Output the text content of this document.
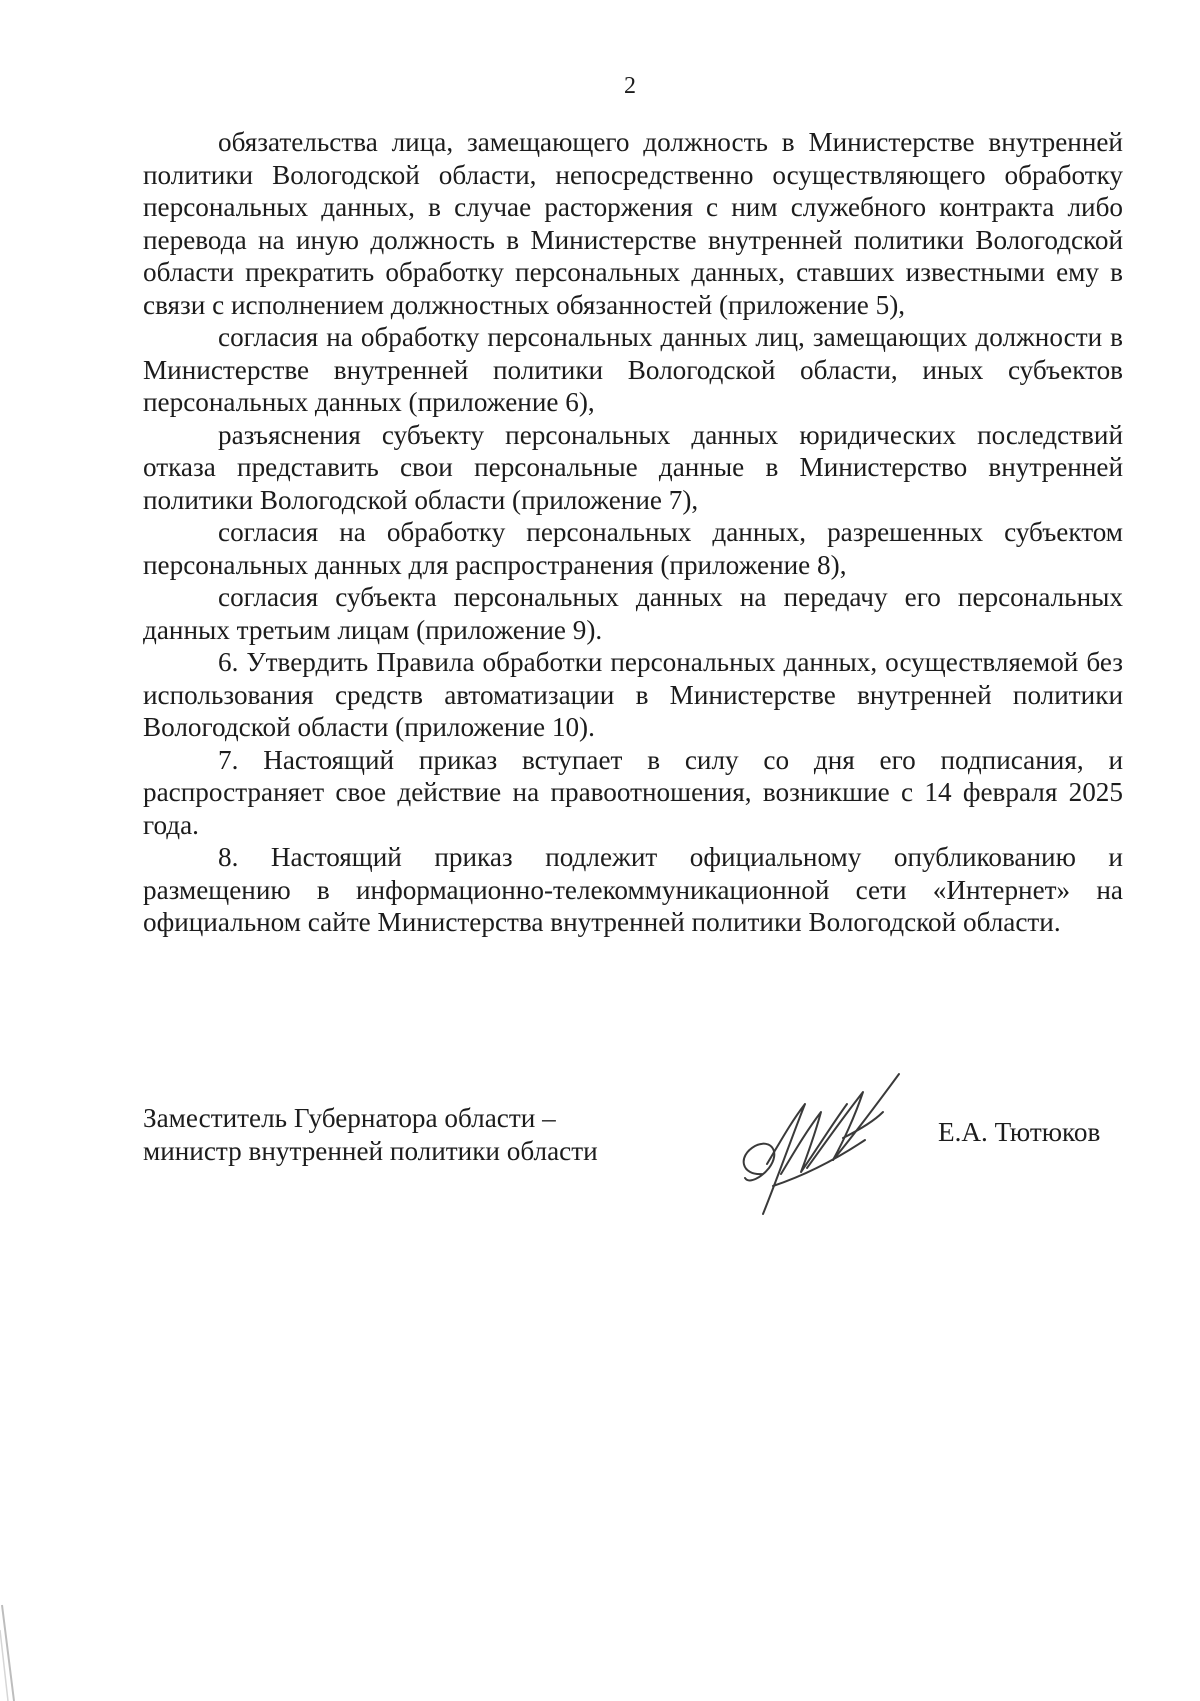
2

обязательства лица, замещающего должность в Министерстве внутренней политики Вологодской области, непосредственно осуществляющего обработку персональных данных, в случае расторжения с ним служебного контракта либо перевода на иную должность в Министерстве внутренней политики Вологодской области прекратить обработку персональных данных, ставших известными ему в связи с исполнением должностных обязанностей (приложение 5),

согласия на обработку персональных данных лиц, замещающих должности в Министерстве внутренней политики Вологодской области, иных субъектов персональных данных (приложение 6),

разъяснения субъекту персональных данных юридических последствий отказа представить свои персональные данные в Министерство внутренней политики Вологодской области (приложение 7),

согласия на обработку персональных данных, разрешенных субъектом персональных данных для распространения (приложение 8),

согласия субъекта персональных данных на передачу его персональных данных третьим лицам (приложение 9).

6. Утвердить Правила обработки персональных данных, осуществляемой без использования средств автоматизации в Министерстве внутренней политики Вологодской области (приложение 10).

7. Настоящий приказ вступает в силу со дня его подписания, и распространяет свое действие на правоотношения, возникшие с 14 февраля 2025 года.

8. Настоящий приказ подлежит официальному опубликованию и размещению в информационно-телекоммуникационной сети «Интернет» на официальном сайте Министерства внутренней политики Вологодской области.

Заместитель Губернатора области –
министр внутренней политики области
Е.А. Тютюков
